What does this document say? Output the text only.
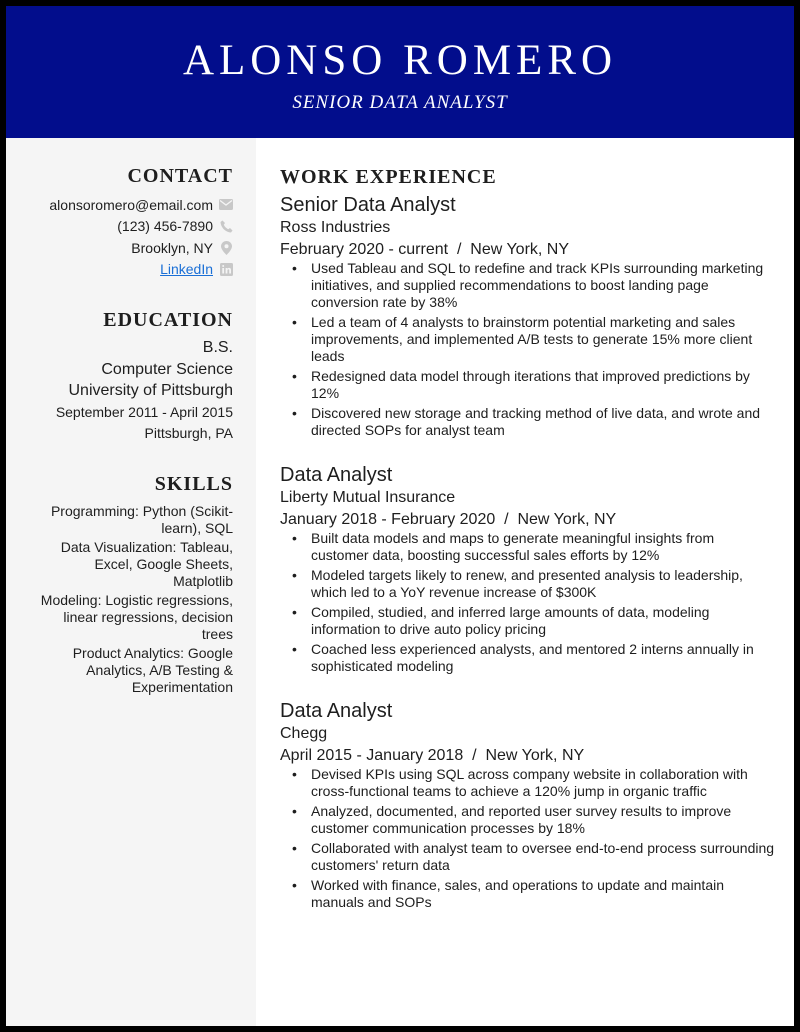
ALONSO ROMERO
SENIOR DATA ANALYST
CONTACT
alonsoromero@email.com
(123) 456-7890
Brooklyn, NY
LinkedIn
EDUCATION
B.S.
Computer Science
University of Pittsburgh
September 2011 - April 2015
Pittsburgh, PA
SKILLS
Programming: Python (Scikit-learn), SQL
Data Visualization: Tableau, Excel, Google Sheets, Matplotlib
Modeling: Logistic regressions, linear regressions, decision trees
Product Analytics: Google Analytics, A/B Testing & Experimentation
WORK EXPERIENCE
Senior Data Analyst
Ross Industries
February 2020 - current  /  New York, NY
• Used Tableau and SQL to redefine and track KPIs surrounding marketing initiatives, and supplied recommendations to boost landing page conversion rate by 38%
• Led a team of 4 analysts to brainstorm potential marketing and sales improvements, and implemented A/B tests to generate 15% more client leads
• Redesigned data model through iterations that improved predictions by 12%
• Discovered new storage and tracking method of live data, and wrote and directed SOPs for analyst team
Data Analyst
Liberty Mutual Insurance
January 2018 - February 2020  /  New York, NY
• Built data models and maps to generate meaningful insights from customer data, boosting successful sales efforts by 12%
• Modeled targets likely to renew, and presented analysis to leadership, which led to a YoY revenue increase of $300K
• Compiled, studied, and inferred large amounts of data, modeling information to drive auto policy pricing
• Coached less experienced analysts, and mentored 2 interns annually in sophisticated modeling
Data Analyst
Chegg
April 2015 - January 2018  /  New York, NY
• Devised KPIs using SQL across company website in collaboration with cross-functional teams to achieve a 120% jump in organic traffic
• Analyzed, documented, and reported user survey results to improve customer communication processes by 18%
• Collaborated with analyst team to oversee end-to-end process surrounding customers' return data
• Worked with finance, sales, and operations to update and maintain manuals and SOPs
